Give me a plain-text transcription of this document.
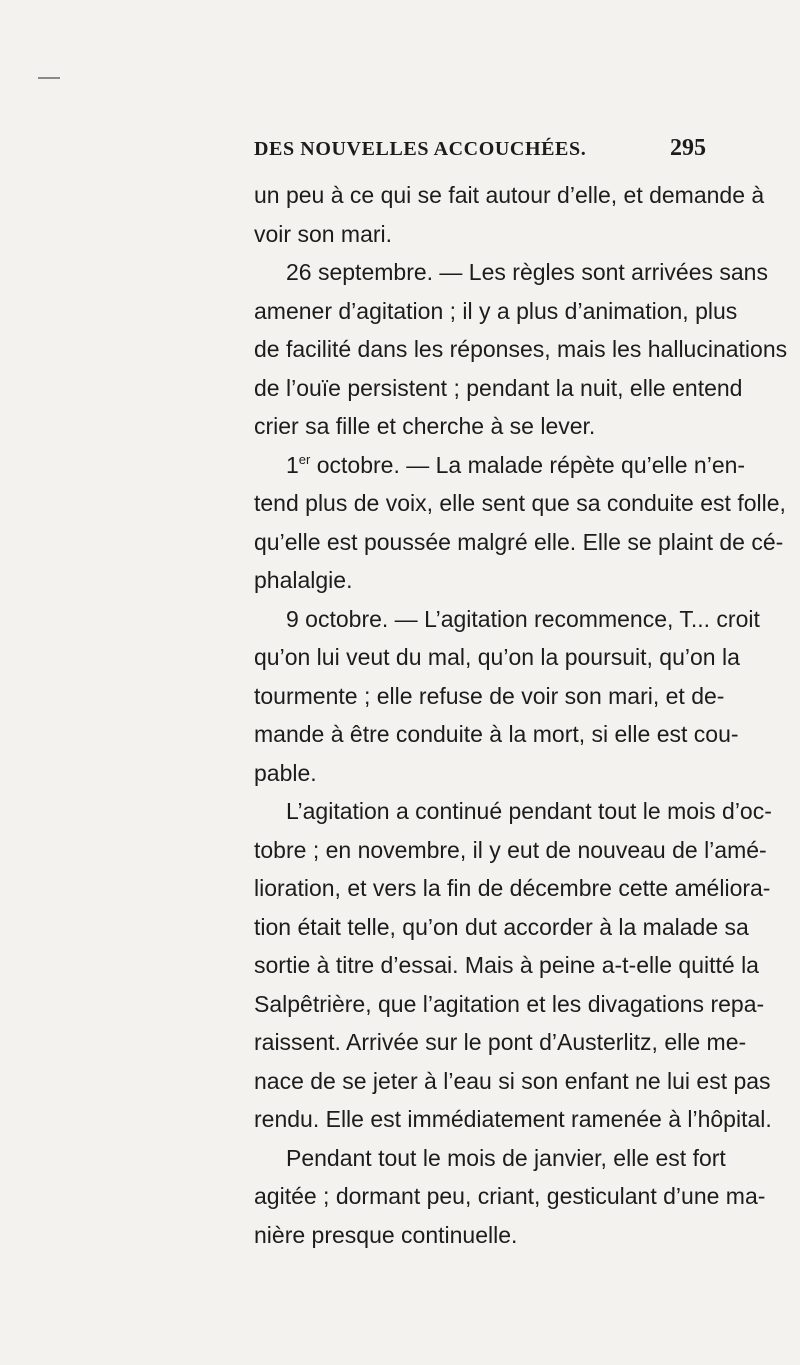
DES NOUVELLES ACCOUCHÉES.	295
un peu à ce qui se fait autour d’elle, et demande à
voir son mari.
26 septembre. — Les règles sont arrivées sans
amener d’agitation ; il y a plus d’animation, plus
de facilité dans les réponses, mais les hallucinations
de l’ouïe persistent ; pendant la nuit, elle entend
crier sa fille et cherche à se lever.
1er octobre. — La malade répète qu’elle n’en-
tend plus de voix, elle sent que sa conduite est folle,
qu’elle est poussée malgré elle. Elle se plaint de cé-
phalalgie.
9 octobre. — L’agitation recommence, T... croit
qu’on lui veut du mal, qu’on la poursuit, qu’on la
tourmente ; elle refuse de voir son mari, et de-
mande à être conduite à la mort, si elle est cou-
pable.
L’agitation a continué pendant tout le mois d’oc-
tobre ; en novembre, il y eut de nouveau de l’amé-
lioration, et vers la fin de décembre cette améliora-
tion était telle, qu’on dut accorder à la malade sa
sortie à titre d’essai. Mais à peine a-t-elle quitté la
Salpêtrière, que l’agitation et les divagations repa-
raissent. Arrivée sur le pont d’Austerlitz, elle me-
nace de se jeter à l’eau si son enfant ne lui est pas
rendu. Elle est immédiatement ramenée à l’hôpital.
Pendant tout le mois de janvier, elle est fort
agitée ; dormant peu, criant, gesticulant d’une ma-
nière presque continuelle.
